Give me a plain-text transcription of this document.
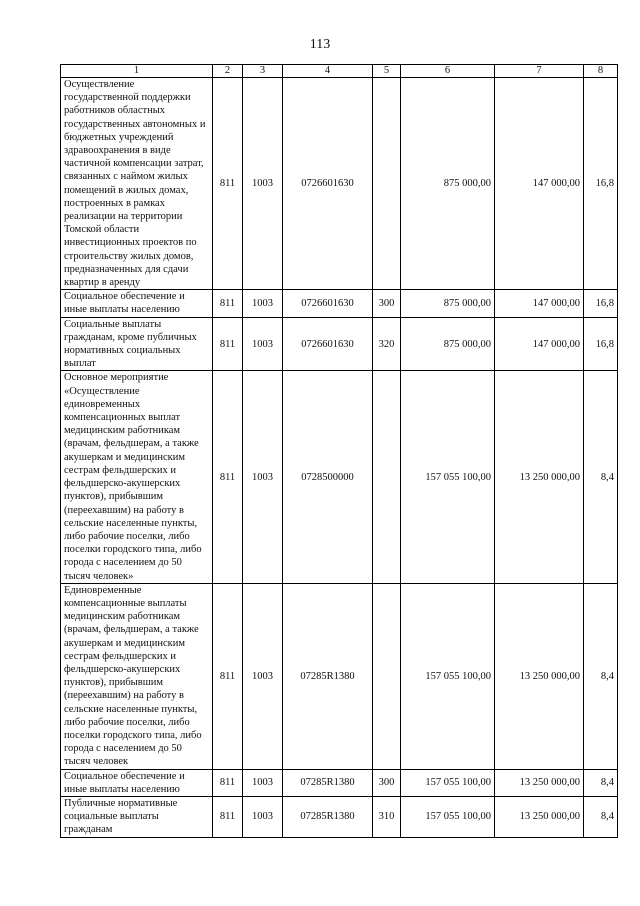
113
1	2	3	4	5	6	7	8
Осуществление государственной поддержки работников областных государственных автономных и бюджетных учреждений здравоохранения в виде частичной компенсации затрат, связанных с наймом жилых помещений в жилых домах, построенных в рамках реализации на территории Томской области инвестиционных проектов по строительству жилых домов, предназначенных для сдачи квартир в аренду	811	1003	0726601630		875 000,00	147 000,00	16,8
Социальное обеспечение и иные выплаты населению	811	1003	0726601630	300	875 000,00	147 000,00	16,8
Социальные выплаты гражданам, кроме публичных нормативных социальных выплат	811	1003	0726601630	320	875 000,00	147 000,00	16,8
Основное мероприятие «Осуществление единовременных компенсационных выплат медицинским работникам (врачам, фельдшерам, а также акушеркам и медицинским сестрам фельдшерских и фельдшерско-акушерских пунктов), прибывшим (переехавшим) на работу в сельские населенные пункты, либо рабочие поселки, либо поселки городского типа, либо города с населением до 50 тысяч человек»	811	1003	0728500000		157 055 100,00	13 250 000,00	8,4
Единовременные компенсационные выплаты медицинским работникам (врачам, фельдшерам, а также акушеркам и медицинским сестрам фельдшерских и фельдшерско-акушерских пунктов), прибывшим (переехавшим) на работу в сельские населенные пункты, либо рабочие поселки, либо поселки городского типа, либо города с населением до 50 тысяч человек	811	1003	07285R1380		157 055 100,00	13 250 000,00	8,4
Социальное обеспечение и иные выплаты населению	811	1003	07285R1380	300	157 055 100,00	13 250 000,00	8,4
Публичные нормативные социальные выплаты гражданам	811	1003	07285R1380	310	157 055 100,00	13 250 000,00	8,4
